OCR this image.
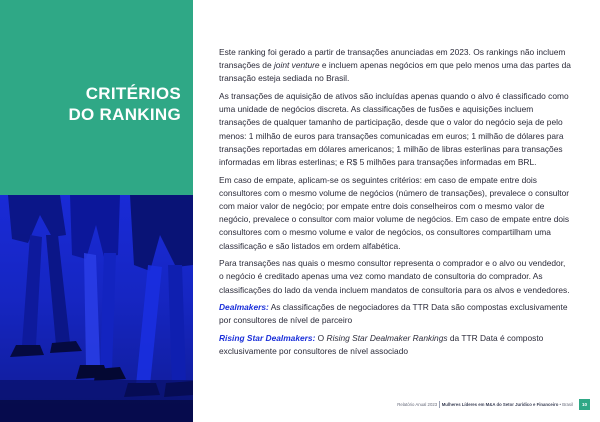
CRITÉRIOS
DO RANKING

Este ranking foi gerado a partir de transações anunciadas em 2023. Os rankings não incluem transações de joint venture e incluem apenas negócios em que pelo menos uma das partes da transação esteja sediada no Brasil.

As transações de aquisição de ativos são incluídas apenas quando o alvo é classificado como uma unidade de negócios discreta. As classificações de fusões e aquisições incluem transações de qualquer tamanho de participação, desde que o valor do negócio seja de pelo menos: 1 milhão de euros para transações comunicadas em euros; 1 milhão de dólares para transações reportadas em dólares americanos; 1 milhão de libras esterlinas para transações informadas em libras esterlinas; e R$ 5 milhões para transações informadas em BRL.

Em caso de empate, aplicam-se os seguintes critérios: em caso de empate entre dois consultores com o mesmo volume de negócios (número de transações), prevalece o consultor com maior valor de negócio; por empate entre dois conselheiros com o mesmo valor de negócio, prevalece o consultor com maior volume de negócios. Em caso de empate entre dois consultores com o mesmo volume e valor de negócios, os consultores compartilham uma classificação e são listados em ordem alfabética.

Para transações nas quais o mesmo consultor representa o comprador e o alvo ou vendedor, o negócio é creditado apenas uma vez como mandato de consultoria do comprador. As classificações do lado da venda incluem mandatos de consultoria para os alvos e vendedores.

Dealmakers: As classificações de negociadores da TTR Data são compostas exclusivamente por consultores de nível de parceiro

Rising Star Dealmakers: O Rising Star Dealmaker Rankings da TTR Data é composto exclusivamente por consultores de nível associado

Relatório Anual 2023 Mulheres Líderes em M&A do Setor Jurídico e Financeiro
•
Brasil	10
